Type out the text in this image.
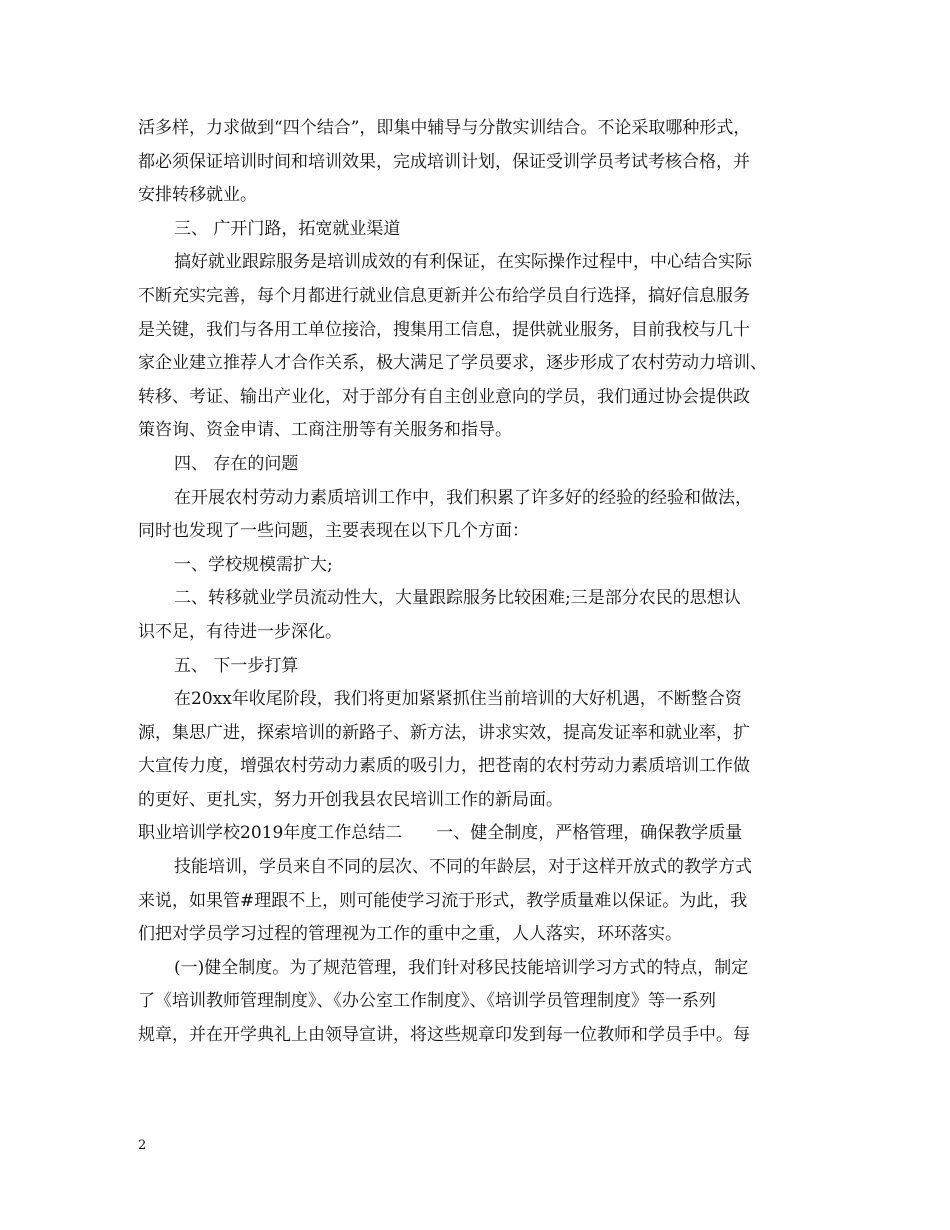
活多样，力求做到“四个结合”，即集中辅导与分散实训结合。不论采取哪种形式，
都必须保证培训时间和培训效果，完成培训计划，保证受训学员考试考核合格，并
安排转移就业。
三、 广开门路，拓宽就业渠道
搞好就业跟踪服务是培训成效的有利保证，在实际操作过程中，中心结合实际
不断充实完善，每个月都进行就业信息更新并公布给学员自行选择，搞好信息服务
是关键，我们与各用工单位接洽，搜集用工信息，提供就业服务，目前我校与几十
家企业建立推荐人才合作关系，极大满足了学员要求，逐步形成了农村劳动力培训、
转移、考证、输出产业化，对于部分有自主创业意向的学员，我们通过协会提供政
策咨询、资金申请、工商注册等有关服务和指导。
四、 存在的问题
在开展农村劳动力素质培训工作中，我们积累了许多好的经验的经验和做法，
同时也发现了一些问题，主要表现在以下几个方面：
一、学校规模需扩大;
二、转移就业学员流动性大，大量跟踪服务比较困难;三是部分农民的思想认
识不足，有待进一步深化。
五、 下一步打算
在20xx年收尾阶段，我们将更加紧紧抓住当前培训的大好机遇，不断整合资
源，集思广进，探索培训的新路子、新方法，讲求实效，提高发证率和就业率，扩
大宣传力度，增强农村劳动力素质的吸引力，把苍南的农村劳动力素质培训工作做
的更好、更扎实，努力开创我县农民培训工作的新局面。
职业培训学校2019年度工作总结二　　一、健全制度，严格管理，确保教学质量
技能培训，学员来自不同的层次、不同的年龄层，对于这样开放式的教学方式
来说，如果管#理跟不上，则可能使学习流于形式，教学质量难以保证。为此，我
们把对学员学习过程的管理视为工作的重中之重，人人落实，环环落实。
(一)健全制度。为了规范管理，我们针对移民技能培训学习方式的特点，制定
了《培训教师管理制度》、《办公室工作制度》、《培训学员管理制度》等一系列
规章，并在开学典礼上由领导宣讲，将这些规章印发到每一位教师和学员手中。每
2
